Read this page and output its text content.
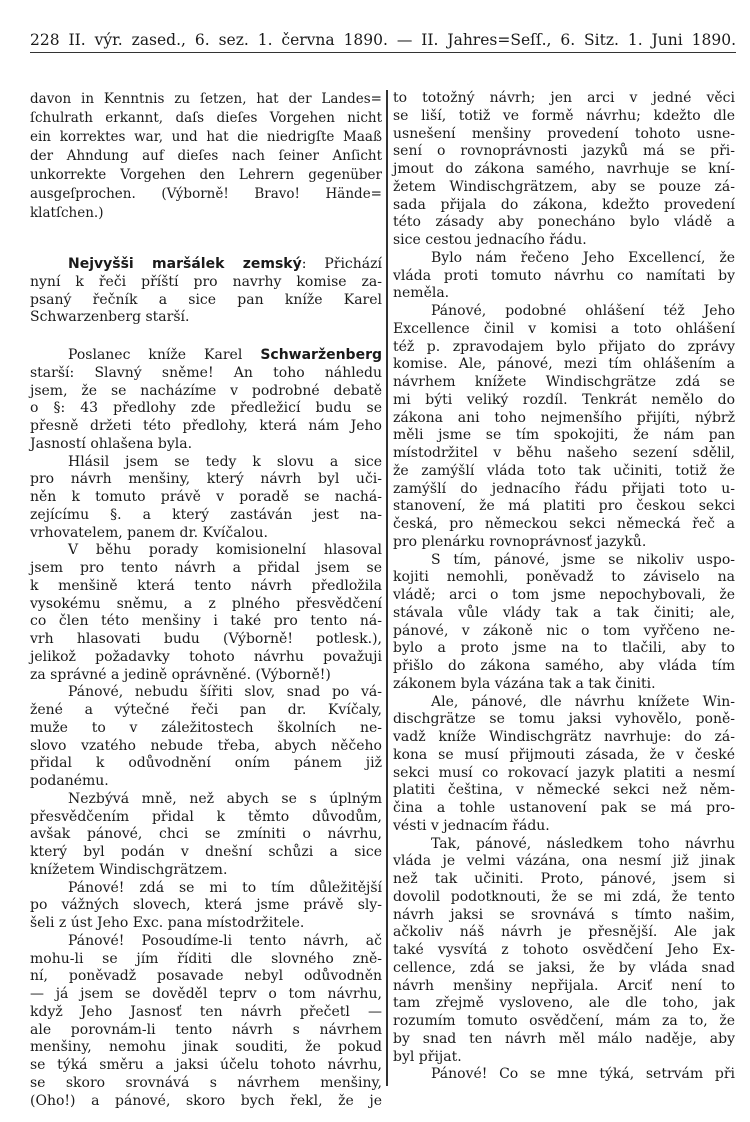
228 II. výr. zased., 6. sez. 1. června 1890. — II. Jahres=Seſſ., 6. Sitz. 1. Juni 1890.
davon in Kenntnis zu ſetzen, hat der Landes=
ſchulrath erkannt, daſs dieſes Vorgehen nicht
ein korrektes war, und hat die niedrigſte Maaß
der Ahndung auf dieſes nach ſeiner Anſicht
unkorrekte Vorgehen den Lehrern gegenüber
ausgeſprochen. (Výborně! Bravo! Hände=
klatſchen.)
Nejvyšši maršálek zemský: Přichází
nyní k řeči příští pro navrhy komise za-
psaný řečník a sice pan kníže Karel
Schwarzenberg starší.
Poslanec kníže Karel Schwarženberg
starší: Slavný sněme! An toho náhledu
jsem, že se nacházíme v podrobné debatě
o §: 43 předlohy zde předležicí budu se
přesně držeti této předlohy, která nám Jeho
Jasností ohlašena byla.
Hlásil jsem se tedy k slovu a sice
pro návrh menšiny, který návrh byl uči-
něn k tomuto právě v poradě se nachá-
zejícímu §. a který zastáván jest na-
vrhovatelem, panem dr. Kvíčalou.
V běhu porady komisionelní hlasoval
jsem pro tento návrh a přidal jsem se
k menšině která tento návrh předložila
vysokému sněmu, a z plného přesvědčení
co člen této menšiny i také pro tento ná-
vrh hlasovati budu (Výborně! potlesk.),
jelikož požadavky tohoto návrhu považuji
za správné a jedině oprávněné. (Výborně!)
Pánové, nebudu šířiti slov, snad po vá-
žené a výtečné řeči pan dr. Kvíčaly,
muže to v záležitostech školních ne-
slovo vzatého nebude třeba, abych něčeho
přidal k odůvodnění oním pánem již
podanému.
Nezbývá mně, než abych se s úplným
přesvědčením přidal k těmto důvodům,
avšak pánové, chci se zmíniti o návrhu,
který byl podán v dnešní schůzi a sice
knížetem Windischgrätzem.
Pánové! zdá se mi to tím důležitější
po vážných slovech, která jsme právě sly-
šeli z úst Jeho Exc. pana místodržitele.
Pánové! Posoudíme-li tento návrh, ač
mohu-li se jím říditi dle slovného zně-
ní, poněvadž posavade nebyl odůvodněn
— já jsem se dověděl teprv o tom návrhu,
když Jeho Jasnosť ten návrh přečetl —
ale porovnám-li tento návrh s návrhem
menšiny, nemohu jinak souditi, že pokud
se týká směru a jaksi účelu tohoto návrhu,
se skoro srovnává s návrhem menšiny,
(Oho!) a pánové, skoro bych řekl, že je
to totožný návrh; jen arci v jedné věci
se liší, totiž ve formě návrhu; kdežto dle
usnešení menšiny provedení tohoto usne-
sení o rovnoprávnosti jazyků má se při-
jmout do zákona samého, navrhuje se kní-
žetem Windischgrätzem, aby se pouze zá-
sada přijala do zákona, kdežto provedení
této zásady aby ponecháno bylo vládě a
sice cestou jednacího řádu.
Bylo nám řečeno Jeho Excellencí, že
vláda proti tomuto návrhu co namítati by
neměla.
Pánové, podobné ohlášení též Jeho
Excellence činil v komisi a toto ohlášení
též p. zpravodajem bylo přijato do zprávy
komise. Ale, pánové, mezi tím ohlášením a
návrhem knížete Windischgrätze zdá se
mi býti veliký rozdíl. Tenkrát nemělo do
zákona ani toho nejmenšího přijíti, nýbrž
měli jsme se tím spokojiti, že nám pan
místodržitel v běhu našeho sezení sdělil,
že zamýšlí vláda toto tak učiniti, totiž že
zamýšlí do jednacího řádu přijati toto u-
stanovení, že má platiti pro českou sekci
česká, pro německou sekci německá řeč a
pro plenárku rovnoprávnosť jazyků.
S tím, pánové, jsme se nikoliv uspo-
kojiti nemohli, poněvadž to záviselo na
vládě; arci o tom jsme nepochybovali, že
stávala vůle vlády tak a tak činiti; ale,
pánové, v zákoně nic o tom vyřčeno ne-
bylo a proto jsme na to tlačili, aby to
přišlo do zákona samého, aby vláda tím
zákonem byla vázána tak a tak činiti.
Ale, pánové, dle návrhu knížete Win-
dischgrätze se tomu jaksi vyhovělo, poně-
vadž kníže Windischgrätz navrhuje: do zá-
kona se musí přijmouti zásada, že v české
sekci musí co rokovací jazyk platiti a nesmí
platiti čeština, v německé sekci než něm-
čina a tohle ustanovení pak se má pro-
vésti v jednacím řádu.
Tak, pánové, následkem toho návrhu
vláda je velmi vázána, ona nesmí již jinak
než tak učiniti. Proto, pánové, jsem si
dovolil podotknouti, že se mi zdá, že tento
návrh jaksi se srovnává s tímto našim,
ačkoliv náš návrh je přesnější. Ale jak
také vysvítá z tohoto osvědčení Jeho Ex-
cellence, zdá se jaksi, že by vláda snad
návrh menšiny nepřijala. Arciť není to
tam zřejmě vysloveno, ale dle toho, jak
rozumím tomuto osvědčení, mám za to, že
by snad ten návrh měl málo naděje, aby
byl přijat.
Pánové! Co se mne týká, setrvám při
